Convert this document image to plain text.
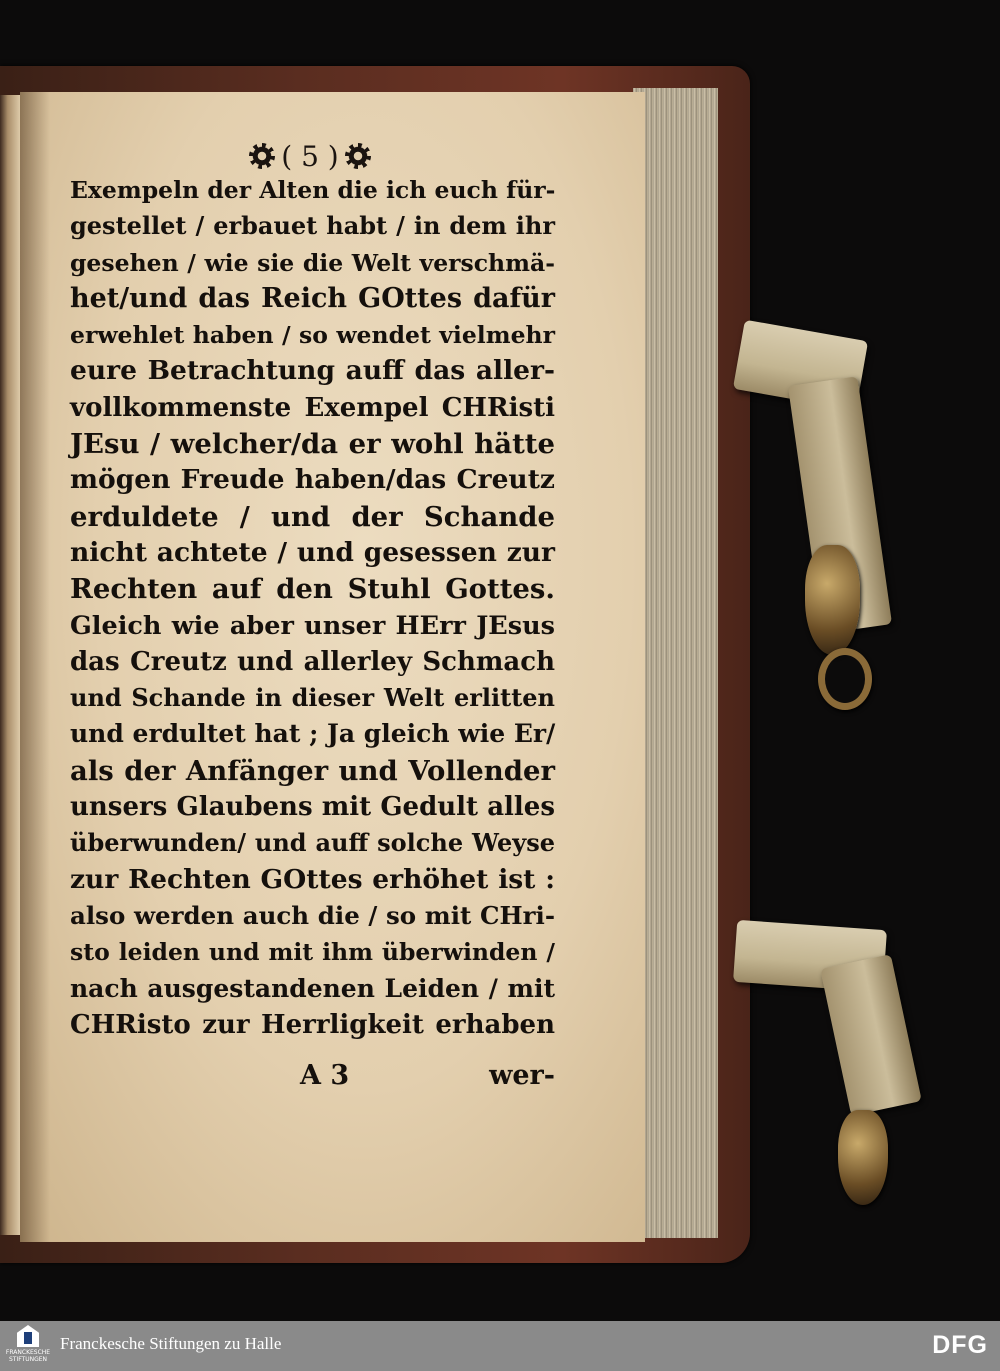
( 5 )
Exempeln der Alten die ich euch für-
gestellet / erbauet habt / in dem ihr
gesehen / wie sie die Welt verschmä-
het/und das Reich GOttes dafür
erwehlet haben / so wendet vielmehr
eure Betrachtung auff das aller-
vollkommenste Exempel CHRisti
JEsu / welcher/da er wohl hätte
mögen Freude haben/das Creutz
erduldete / und der Schande
nicht achtete / und gesessen zur
Rechten auf den Stuhl Gottes.
Gleich wie aber unser HErr JEsus
das Creutz und allerley Schmach
und Schande in dieser Welt erlitten
und erdultet hat ; Ja gleich wie Er/
als der Anfänger und Vollender
unsers Glaubens mit Gedult alles
überwunden/ und auff solche Weyse
zur Rechten GOttes erhöhet ist :
also werden auch die / so mit CHri-
sto leiden und mit ihm überwinden /
nach ausgestandenen Leiden / mit
CHRisto zur Herrligkeit erhaben
A 3	wer-
FRANCKESCHE STIFTUNGEN
Franckesche Stiftungen zu Halle	DFG
